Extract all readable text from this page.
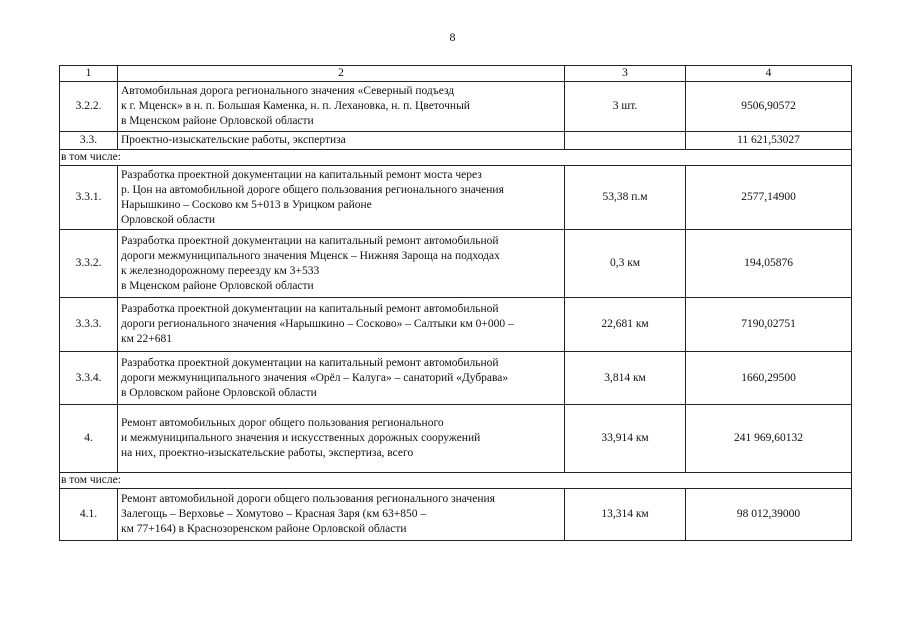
8
1	2	3	4
3.2.2.	Автомобильная дорога регионального значения «Северный подъезд
к г. Мценск» в н. п. Большая Каменка, н. п. Лехановка, н. п. Цветочный
в Мценском районе Орловской области	3 шт.	9506,90572
3.3.	Проектно-изыскательские работы, экспертиза		11 621,53027
в том числе:			
3.3.1.	Разработка проектной документации на капитальный ремонт моста через
р. Цон на автомобильной дороге общего пользования регионального значения
Нарышкино – Сосково км 5+013 в Урицком районе
Орловской области	53,38 п.м	2577,14900
3.3.2.	Разработка проектной документации на капитальный ремонт автомобильной
дороги межмуниципального значения Мценск – Нижняя Зароща на подходах
к железнодорожному переезду км 3+533
в Мценском районе Орловской области	0,3 км	194,05876
3.3.3.	Разработка проектной документации на капитальный ремонт автомобильной
дороги регионального значения «Нарышкино – Сосково» – Салтыки км 0+000 –
км 22+681	22,681 км	7190,02751
3.3.4.	Разработка проектной документации на капитальный ремонт автомобильной
дороги межмуниципального значения «Орёл – Калуга» – санаторий «Дубрава»
в Орловском районе Орловской области	3,814 км	1660,29500
4.	Ремонт автомобильных дорог общего пользования регионального
и межмуниципального значения и искусственных дорожных сооружений
на них, проектно-изыскательские работы, экспертиза, всего	33,914 км	241 969,60132
в том числе:			
4.1.	Ремонт автомобильной дороги общего пользования регионального значения
Залегощь – Верховье – Хомутово – Красная Заря (км 63+850 –
км 77+164) в Краснозоренском районе Орловской области	13,314 км	98 012,39000
